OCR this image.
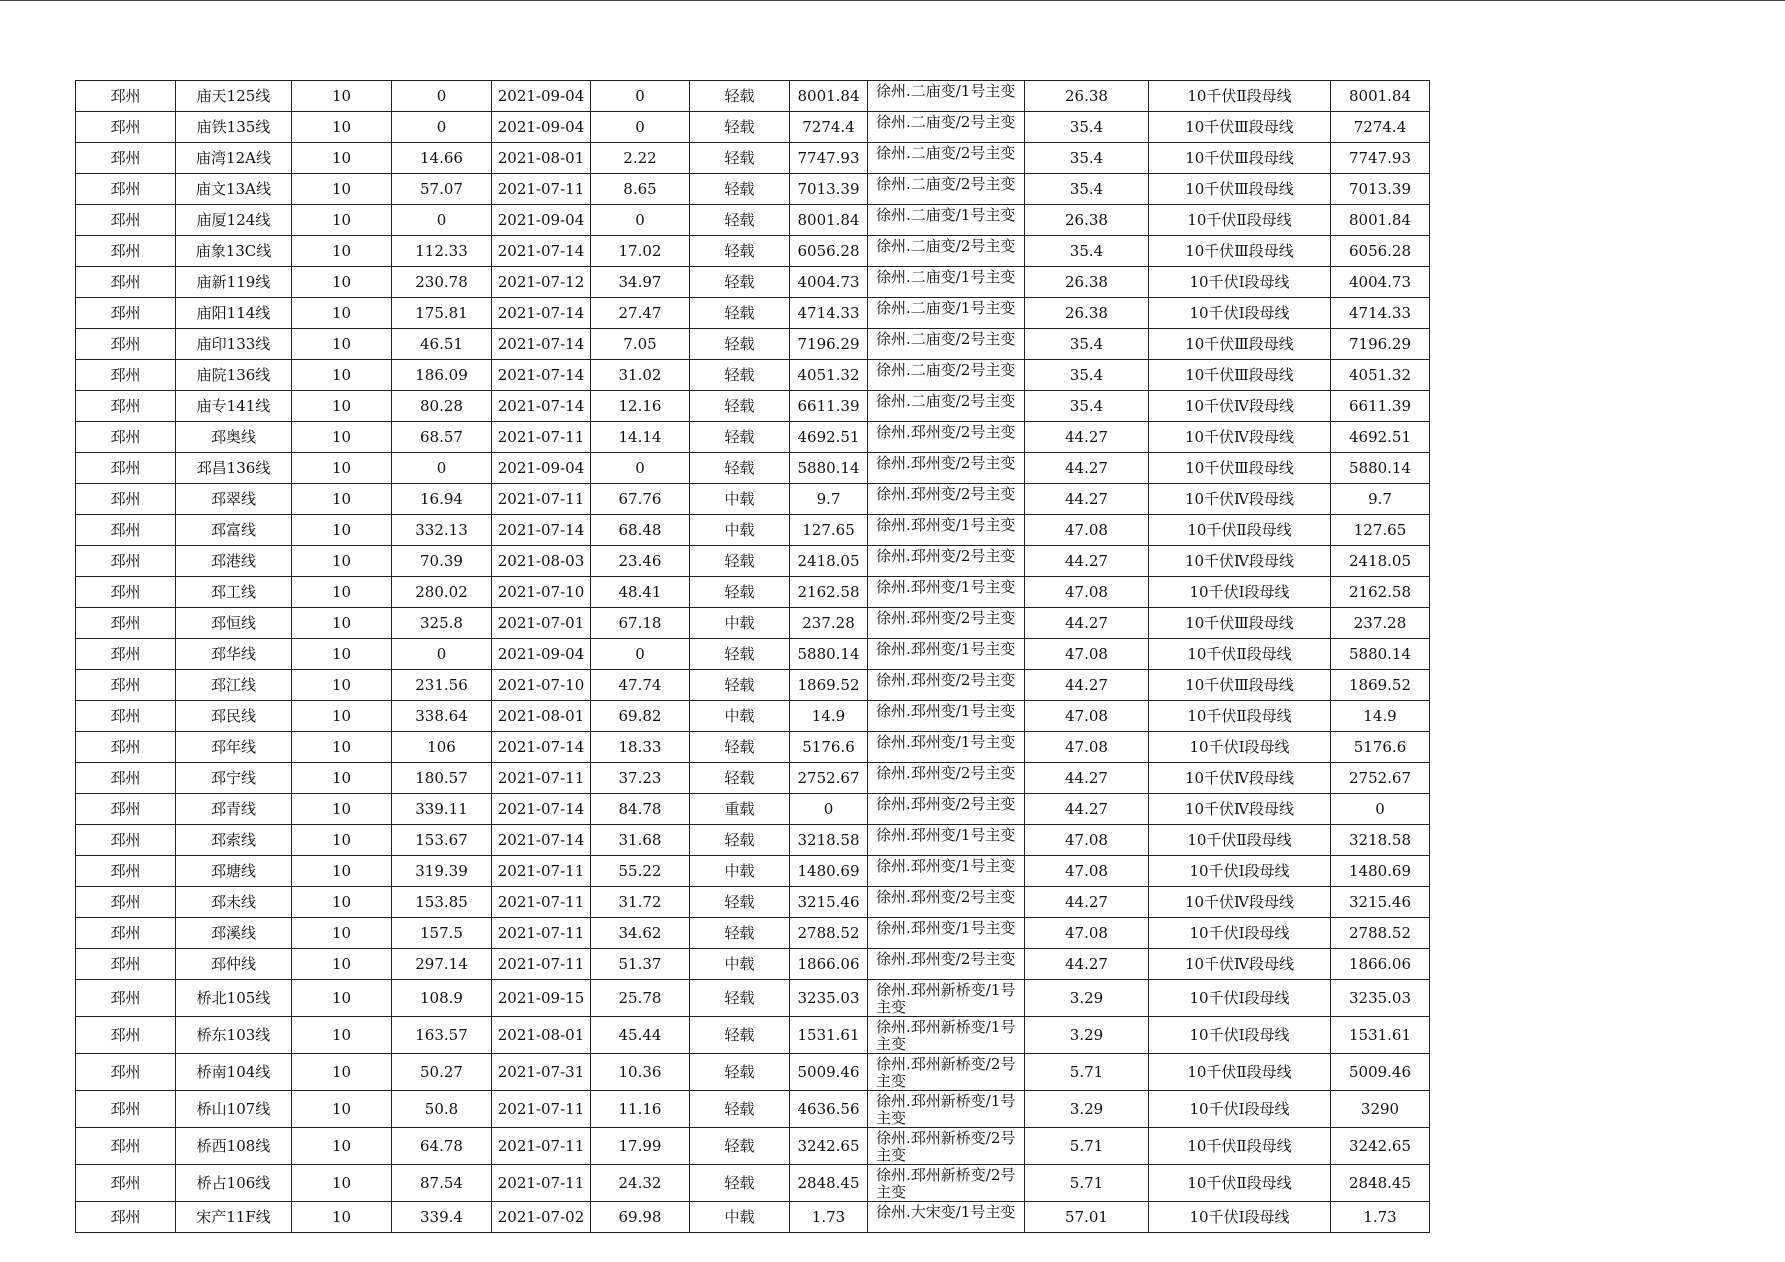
邳州	庙天125线	10	0	2021-09-04	0	轻载	8001.84	徐州.二庙变/1号主变	26.38	10千伏Ⅱ段母线	8001.84
邳州	庙铁135线	10	0	2021-09-04	0	轻载	7274.4	徐州.二庙变/2号主变	35.4	10千伏Ⅲ段母线	7274.4
邳州	庙湾12A线	10	14.66	2021-08-01	2.22	轻载	7747.93	徐州.二庙变/2号主变	35.4	10千伏Ⅲ段母线	7747.93
邳州	庙文13A线	10	57.07	2021-07-11	8.65	轻载	7013.39	徐州.二庙变/2号主变	35.4	10千伏Ⅲ段母线	7013.39
邳州	庙厦124线	10	0	2021-09-04	0	轻载	8001.84	徐州.二庙变/1号主变	26.38	10千伏Ⅱ段母线	8001.84
邳州	庙象13C线	10	112.33	2021-07-14	17.02	轻载	6056.28	徐州.二庙变/2号主变	35.4	10千伏Ⅲ段母线	6056.28
邳州	庙新119线	10	230.78	2021-07-12	34.97	轻载	4004.73	徐州.二庙变/1号主变	26.38	10千伏Ⅰ段母线	4004.73
邳州	庙阳114线	10	175.81	2021-07-14	27.47	轻载	4714.33	徐州.二庙变/1号主变	26.38	10千伏Ⅰ段母线	4714.33
邳州	庙印133线	10	46.51	2021-07-14	7.05	轻载	7196.29	徐州.二庙变/2号主变	35.4	10千伏Ⅲ段母线	7196.29
邳州	庙院136线	10	186.09	2021-07-14	31.02	轻载	4051.32	徐州.二庙变/2号主变	35.4	10千伏Ⅲ段母线	4051.32
邳州	庙专141线	10	80.28	2021-07-14	12.16	轻载	6611.39	徐州.二庙变/2号主变	35.4	10千伏Ⅳ段母线	6611.39
邳州	邳奥线	10	68.57	2021-07-11	14.14	轻载	4692.51	徐州.邳州变/2号主变	44.27	10千伏Ⅳ段母线	4692.51
邳州	邳昌136线	10	0	2021-09-04	0	轻载	5880.14	徐州.邳州变/2号主变	44.27	10千伏Ⅲ段母线	5880.14
邳州	邳翠线	10	16.94	2021-07-11	67.76	中载	9.7	徐州.邳州变/2号主变	44.27	10千伏Ⅳ段母线	9.7
邳州	邳富线	10	332.13	2021-07-14	68.48	中载	127.65	徐州.邳州变/1号主变	47.08	10千伏Ⅱ段母线	127.65
邳州	邳港线	10	70.39	2021-08-03	23.46	轻载	2418.05	徐州.邳州变/2号主变	44.27	10千伏Ⅳ段母线	2418.05
邳州	邳工线	10	280.02	2021-07-10	48.41	轻载	2162.58	徐州.邳州变/1号主变	47.08	10千伏Ⅰ段母线	2162.58
邳州	邳恒线	10	325.8	2021-07-01	67.18	中载	237.28	徐州.邳州变/2号主变	44.27	10千伏Ⅲ段母线	237.28
邳州	邳华线	10	0	2021-09-04	0	轻载	5880.14	徐州.邳州变/1号主变	47.08	10千伏Ⅱ段母线	5880.14
邳州	邳江线	10	231.56	2021-07-10	47.74	轻载	1869.52	徐州.邳州变/2号主变	44.27	10千伏Ⅲ段母线	1869.52
邳州	邳民线	10	338.64	2021-08-01	69.82	中载	14.9	徐州.邳州变/1号主变	47.08	10千伏Ⅱ段母线	14.9
邳州	邳年线	10	106	2021-07-14	18.33	轻载	5176.6	徐州.邳州变/1号主变	47.08	10千伏Ⅰ段母线	5176.6
邳州	邳宁线	10	180.57	2021-07-11	37.23	轻载	2752.67	徐州.邳州变/2号主变	44.27	10千伏Ⅳ段母线	2752.67
邳州	邳青线	10	339.11	2021-07-14	84.78	重载	0	徐州.邳州变/2号主变	44.27	10千伏Ⅳ段母线	0
邳州	邳索线	10	153.67	2021-07-14	31.68	轻载	3218.58	徐州.邳州变/1号主变	47.08	10千伏Ⅱ段母线	3218.58
邳州	邳塘线	10	319.39	2021-07-11	55.22	中载	1480.69	徐州.邳州变/1号主变	47.08	10千伏Ⅰ段母线	1480.69
邳州	邳未线	10	153.85	2021-07-11	31.72	轻载	3215.46	徐州.邳州变/2号主变	44.27	10千伏Ⅳ段母线	3215.46
邳州	邳溪线	10	157.5	2021-07-11	34.62	轻载	2788.52	徐州.邳州变/1号主变	47.08	10千伏Ⅰ段母线	2788.52
邳州	邳仲线	10	297.14	2021-07-11	51.37	中载	1866.06	徐州.邳州变/2号主变	44.27	10千伏Ⅳ段母线	1866.06
邳州	桥北105线	10	108.9	2021-09-15	25.78	轻载	3235.03	徐州.邳州新桥变/1号主变	3.29	10千伏Ⅰ段母线	3235.03
邳州	桥东103线	10	163.57	2021-08-01	45.44	轻载	1531.61	徐州.邳州新桥变/1号主变	3.29	10千伏Ⅰ段母线	1531.61
邳州	桥南104线	10	50.27	2021-07-31	10.36	轻载	5009.46	徐州.邳州新桥变/2号主变	5.71	10千伏Ⅱ段母线	5009.46
邳州	桥山107线	10	50.8	2021-07-11	11.16	轻载	4636.56	徐州.邳州新桥变/1号主变	3.29	10千伏Ⅰ段母线	3290
邳州	桥西108线	10	64.78	2021-07-11	17.99	轻载	3242.65	徐州.邳州新桥变/2号主变	5.71	10千伏Ⅱ段母线	3242.65
邳州	桥占106线	10	87.54	2021-07-11	24.32	轻载	2848.45	徐州.邳州新桥变/2号主变	5.71	10千伏Ⅱ段母线	2848.45
邳州	宋产11F线	10	339.4	2021-07-02	69.98	中载	1.73	徐州.大宋变/1号主变	57.01	10千伏Ⅰ段母线	1.73
